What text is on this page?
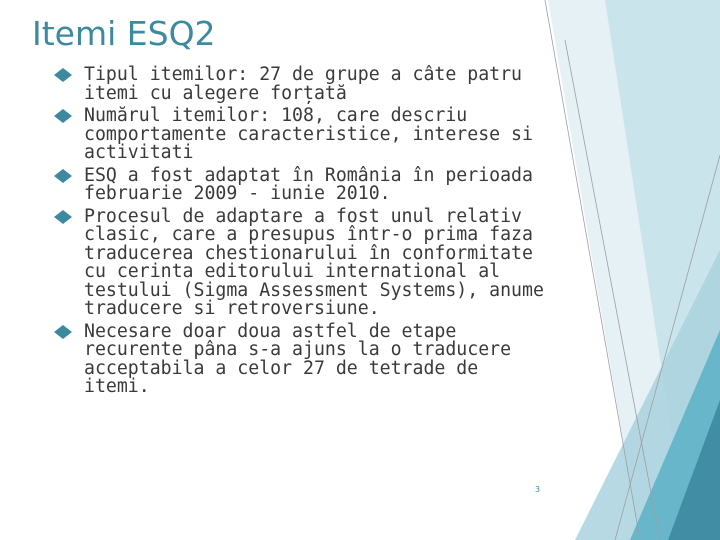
Itemi ESQ2
Tipul itemilor: 27 de grupe a câte patru itemi cu alegere forțată
Numărul itemilor: 108, care descriu comportamente caracteristice, interese si activitati
ESQ a fost adaptat în România în perioada februarie 2009 - iunie 2010.
Procesul de adaptare a fost unul relativ clasic, care a presupus într-o prima faza traducerea chestionarului în conformitate cu cerinta editorului international al testului (Sigma Assessment Systems), anume traducere si retroversiune.
Necesare doar doua astfel de etape recurente pâna s-a ajuns la o traducere acceptabila a celor 27 de tetrade de itemi.
3
